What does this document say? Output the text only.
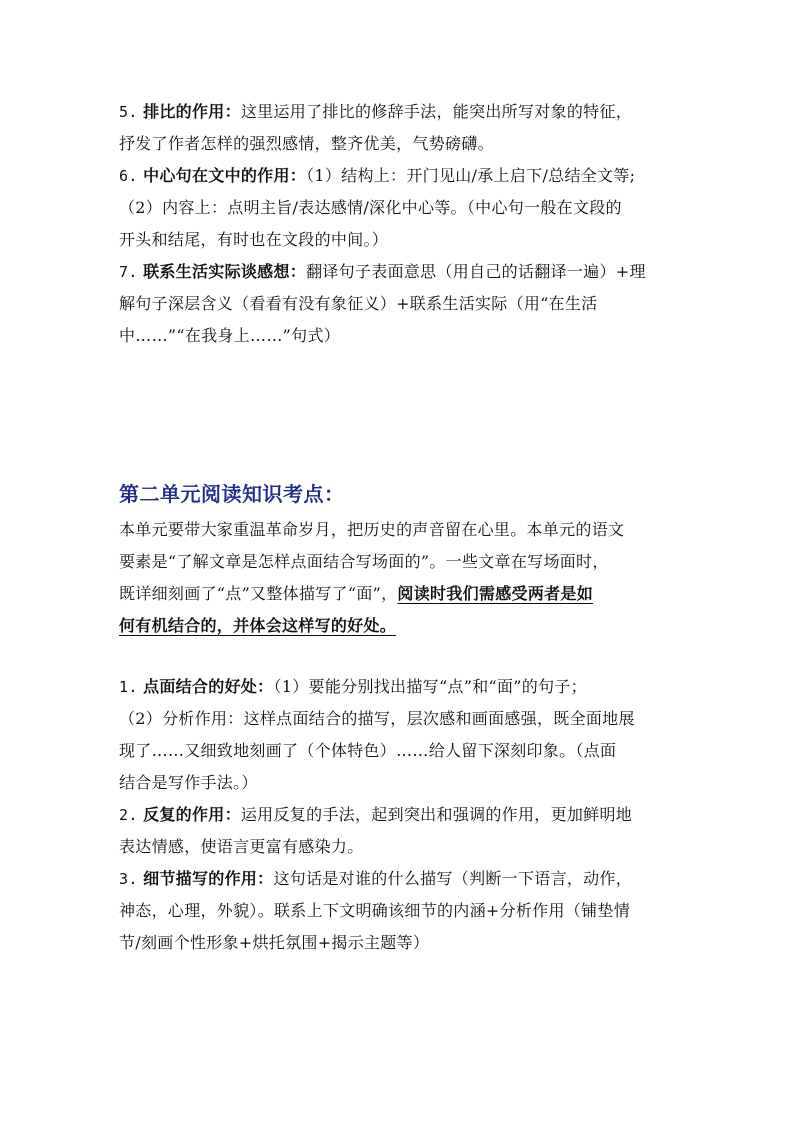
5. 排比的作用：这里运用了排比的修辞手法，能突出所写对象的特征，
抒发了作者怎样的强烈感情，整齐优美，气势磅礴。
6. 中心句在文中的作用：（1）结构上：开门见山/承上启下/总结全文等;
（2）内容上：点明主旨/表达感情/深化中心等。（中心句一般在文段的
开头和结尾，有时也在文段的中间。）
7. 联系生活实际谈感想：翻译句子表面意思（用自己的话翻译一遍）+理
解句子深层含义（看看有没有象征义）+联系生活实际（用“在生活
中……”“在我身上……”句式）
第二单元阅读知识考点：
本单元要带大家重温革命岁月，把历史的声音留在心里。本单元的语文
要素是“了解文章是怎样点面结合写场面的”。一些文章在写场面时，
既详细刻画了“点”又整体描写了“面”，阅读时我们需感受两者是如
何有机结合的，并体会这样写的好处。
1. 点面结合的好处：（1）要能分别找出描写“点”和“面”的句子；
（2）分析作用：这样点面结合的描写，层次感和画面感强，既全面地展
现了……又细致地刻画了（个体特色）……给人留下深刻印象。（点面
结合是写作手法。）
2. 反复的作用：运用反复的手法，起到突出和强调的作用，更加鲜明地
表达情感，使语言更富有感染力。
3. 细节描写的作用：这句话是对谁的什么描写（判断一下语言，动作，
神态，心理，外貌）。联系上下文明确该细节的内涵+分析作用（铺垫情
节/刻画个性形象+烘托氛围+揭示主题等）
